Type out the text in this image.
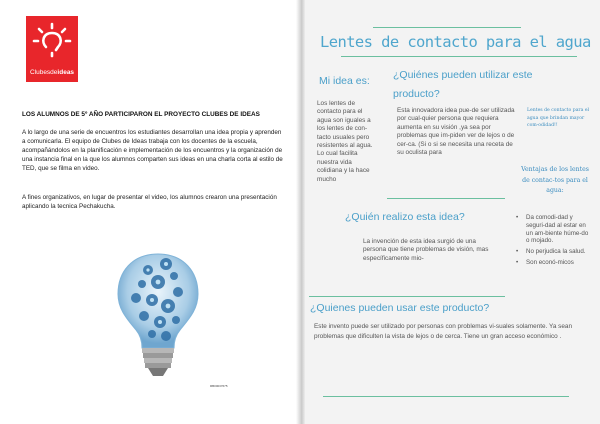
Clubesdeideas
LOS ALUMNOS DE 5º AÑO PARTICIPARON EL PROYECTO CLUBES DE IDEAS

A lo largo de una serie de encuentros los estudiantes desarrollan una idea propia y aprenden a comunicarla. El equipo de Clubes de Ideas trabaja con los docentes de la escuela, acompañándolos en la planificación e implementación de los encuentros y la organización de una instancia final en la que los alumnos comparten sus ideas en una charla corta al estilo de TED, que se filma en video.

A fines organizativos, en lugar de presentar el video, los alumnos crearon una presentación aplicando la tecnica Pechakucha.

RB00037675
Lentes de contacto para el agua
Mi idea es:

Los lentes de contacto para el agua son iguales a los lentes de con-tacto usuales pero resistentes al agua. Lo cual facilita nuestra vida colidiana y la hace mucho

¿Quiénes pueden utilizar este producto?

Esta innovadora idea pue-de ser utilizada por cual-quier persona que requiera aumenta en su visión ,ya sea por problemas que im-piden ver de lejos o de cer-ca. (Si o si se necesita una receta de su oculista para

Lentes de contacto para el agua que brindan mayor com-odidad!!

¿Quién realizo esta idea?

La invención de esta idea surgió de una persona que tiene problemas de visión, mas específicamente mio-

Ventajas de los lentes de contac-tos para el agua:

• Da comodi-dad y seguri-dad al estar en un am-biente húme-do o mojado.
• No perjudica la salud.
• Son econó-micos
¿Quienes pueden usar este producto?

Este invento puede ser utilizado por personas con problemas vi-suales solamente. Ya sean problemas que dificulten la vista de lejos o de cerca. Tiene un gran acceso económico .
